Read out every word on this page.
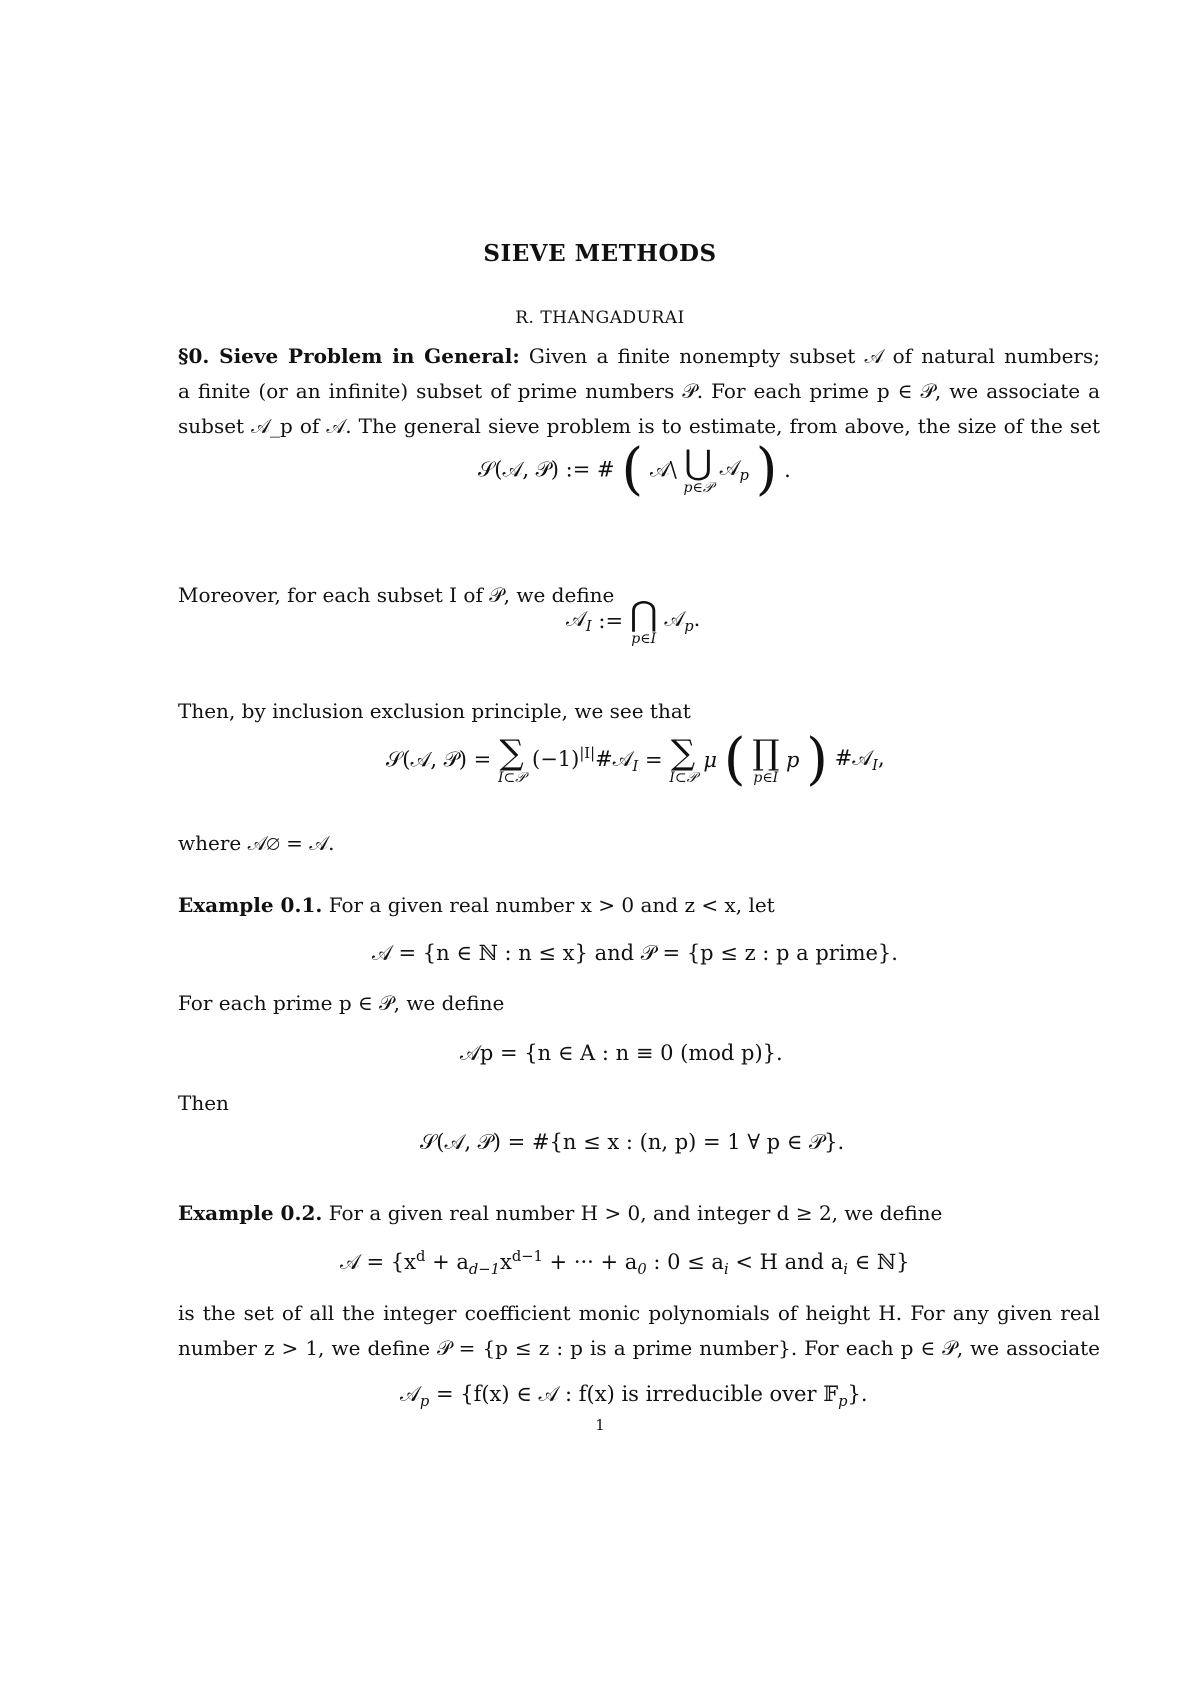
SIEVE METHODS
R. THANGADURAI
§0. Sieve Problem in General: Given a finite nonempty subset 𝒜 of natural numbers;
a finite (or an infinite) subset of prime numbers 𝒫. For each prime p ∈ 𝒫, we associate a
subset 𝒜_p of 𝒜. The general sieve problem is to estimate, from above, the size of the set
𝒮(𝒜, 𝒫) := # ( 𝒜\ ⋃
p∈𝒫
𝒜$_p$ ) .
Moreover, for each subset I of 𝒫, we define
𝒜$_I$ := ⋂
p∈I
𝒜$_p$.
Then, by inclusion exclusion principle, we see that
𝒮(𝒜, 𝒫) = ∑
I⊂𝒫
$(-1)^{|I|}\#𝒜_I$ = ∑
I⊂𝒫
μ ( ∏
p∈I
p ) #𝒜$_I$,
where 𝒜∅ = 𝒜.
Example 0.1. For a given real number x > 0 and z < x, let
𝒜 = {n ∈ ℕ : n ≤ x} and 𝒫 = {p ≤ z : p a prime}.
For each prime p ∈ 𝒫, we define
𝒜p = {n ∈ A : n ≡ 0 (mod p)}.
Then
𝒮(𝒜, 𝒫) = #{n ≤ x : (n, p) = 1 ∀ p ∈ 𝒫}.
Example 0.2. For a given real number H > 0, and integer d ≥ 2, we define
𝒜 = {$x^d + a_{d-1}x^{d-1}$ + ··· + $a_0$ : $0 \le a_i < H$ and $a_i$ ∈ ℕ}
is the set of all the integer coefficient monic polynomials of height H. For any given real
number z > 1, we define 𝒫 = {p ≤ z : p is a prime number}. For each p ∈ 𝒫, we associate
𝒜$_p$ = {f(x) ∈ 𝒜 : f(x) is irreducible over 𝔽$_p$}.
1
